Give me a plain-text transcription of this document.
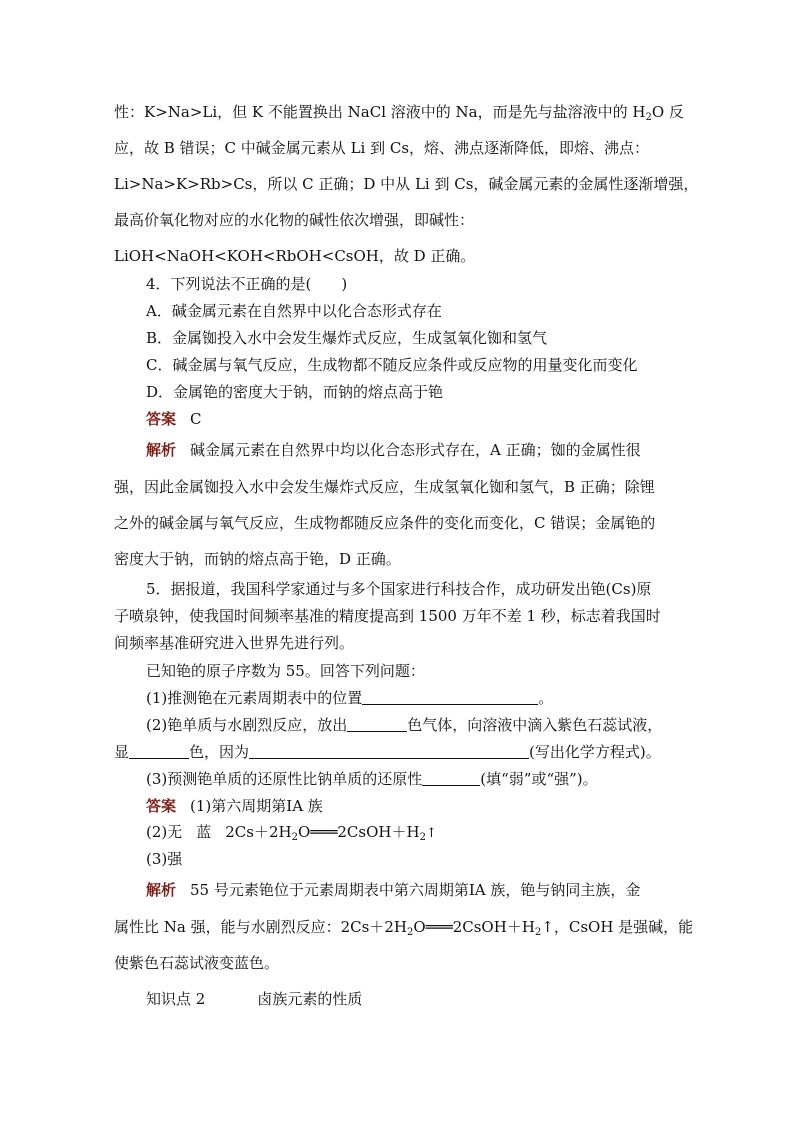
性：K>Na>Li，但 K 不能置换出 NaCl 溶液中的 Na，而是先与盐溶液中的 $H_2O$ 反
应，故 B 错误；C 中碱金属元素从 Li 到 Cs，熔、沸点逐渐降低，即熔、沸点：
Li>Na>K>Rb>Cs，所以 C 正确；D 中从 Li 到 Cs，碱金属元素的金属性逐渐增强，
最高价氧化物对应的水化物的碱性依次增强，即碱性：
LiOH<NaOH<KOH<RbOH<CsOH，故 D 正确。
4．下列说法不正确的是(　　)
A．碱金属元素在自然界中以化合态形式存在
B．金属铷投入水中会发生爆炸式反应，生成氢氧化铷和氢气
C．碱金属与氧气反应，生成物都不随反应条件或反应物的用量变化而变化
D．金属铯的密度大于钠，而钠的熔点高于铯
答案 C
解析 碱金属元素在自然界中均以化合态形式存在，A 正确；铷的金属性很
强，因此金属铷投入水中会发生爆炸式反应，生成氢氧化铷和氢气，B 正确；除锂
之外的碱金属与氧气反应，生成物都随反应条件的变化而变化，C 错误；金属铯的
密度大于钠，而钠的熔点高于铯，D 正确。
5．据报道，我国科学家通过与多个国家进行科技合作，成功研发出铯(Cs)原
子喷泉钟，使我国时间频率基准的精度提高到 1500 万年不差 1 秒，标志着我国时
间频率基准研究进入世界先进行列。
已知铯的原子序数为 55。回答下列问题：
(1)推测铯在元素周期表中的位置	。
(2)铯单质与水剧烈反应，放出	色气体，向溶液中滴入紫色石蕊试液，
显	色，因为	(写出化学方程式)。
(3)预测铯单质的还原性比钠单质的还原性	(填“弱”或“强”)。
答案 (1)第六周期第ⅠA 族
(2)无 蓝 $2Cs+2H_2O═══2CsOH+H_2↑$
(3)强
解析 55 号元素铯位于元素周期表中第六周期第ⅠA 族，铯与钠同主族，金
属性比 Na 强，能与水剧烈反应：$2Cs+2H_2O═══2CsOH+H_2↑$，CsOH 是强碱，能
使紫色石蕊试液变蓝色。
知识点 2	卤族元素的性质
